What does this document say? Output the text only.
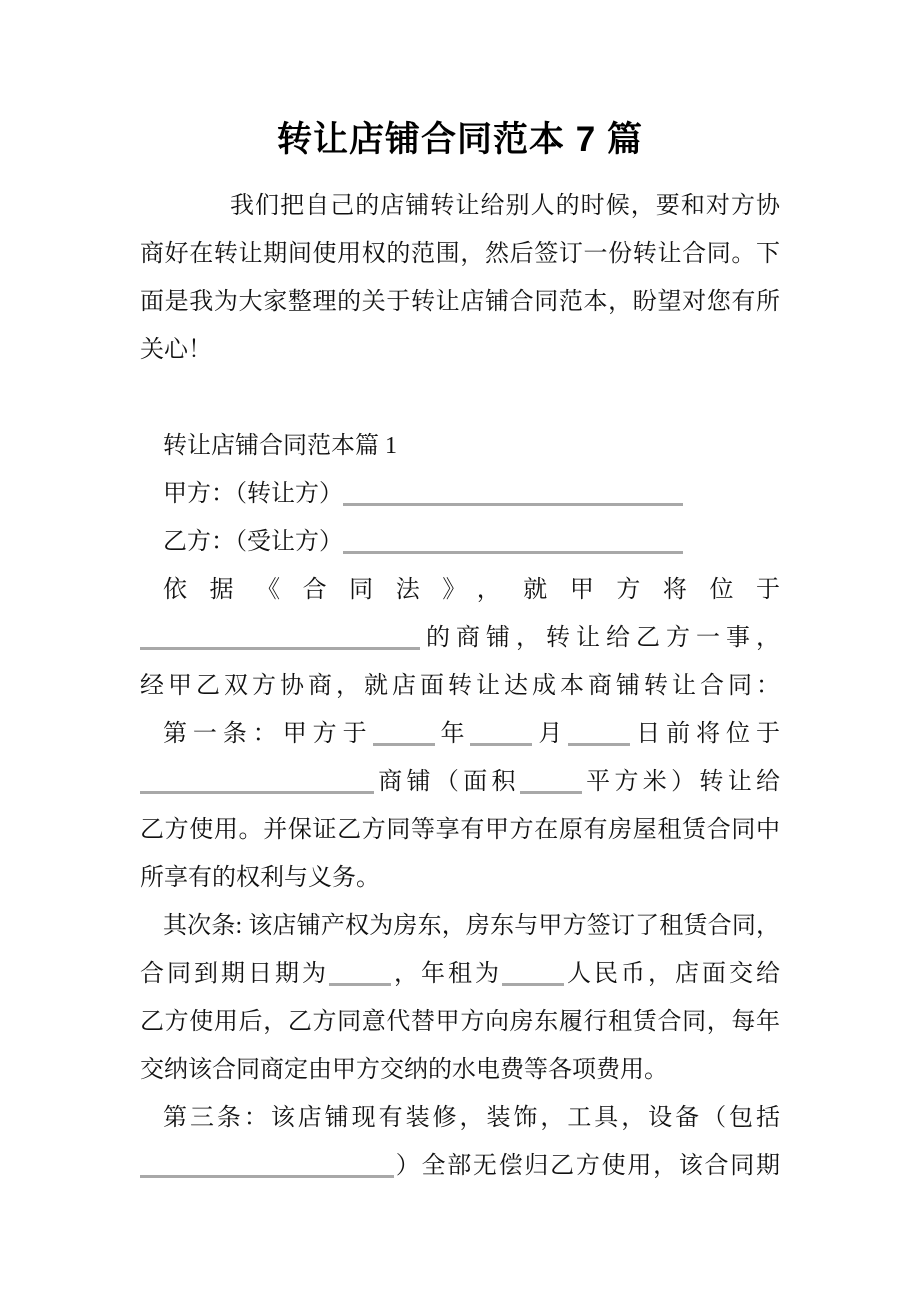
转让店铺合同范本 7 篇
我们把自己的店铺转让给别人的时候，要和对方协
商好在转让期间使用权的范围，然后签订一份转让合同。下
面是我为大家整理的关于转让店铺合同范本，盼望对您有所
关心！
转让店铺合同范本篇 1
甲方：（转让方）
乙方：（受让方）
依据《合同法》，就甲方将位于
的商铺，转让给乙方一事，
经甲乙双方协商，就店面转让达成本商铺转让合同：
第一条：甲方于	年	月	日前将位于
商铺（面积	平方米）转让给
乙方使用。并保证乙方同等享有甲方在原有房屋租赁合同中
所享有的权利与义务。
其次条: 该店铺产权为房东，房东与甲方签订了租赁合同，
合同到期日期为	，年租为	人民币，店面交给
乙方使用后，乙方同意代替甲方向房东履行租赁合同，每年
交纳该合同商定由甲方交纳的水电费等各项费用。
第三条：该店铺现有装修，装饰，工具，设备（包括
）全部无偿归乙方使用，该合同期
